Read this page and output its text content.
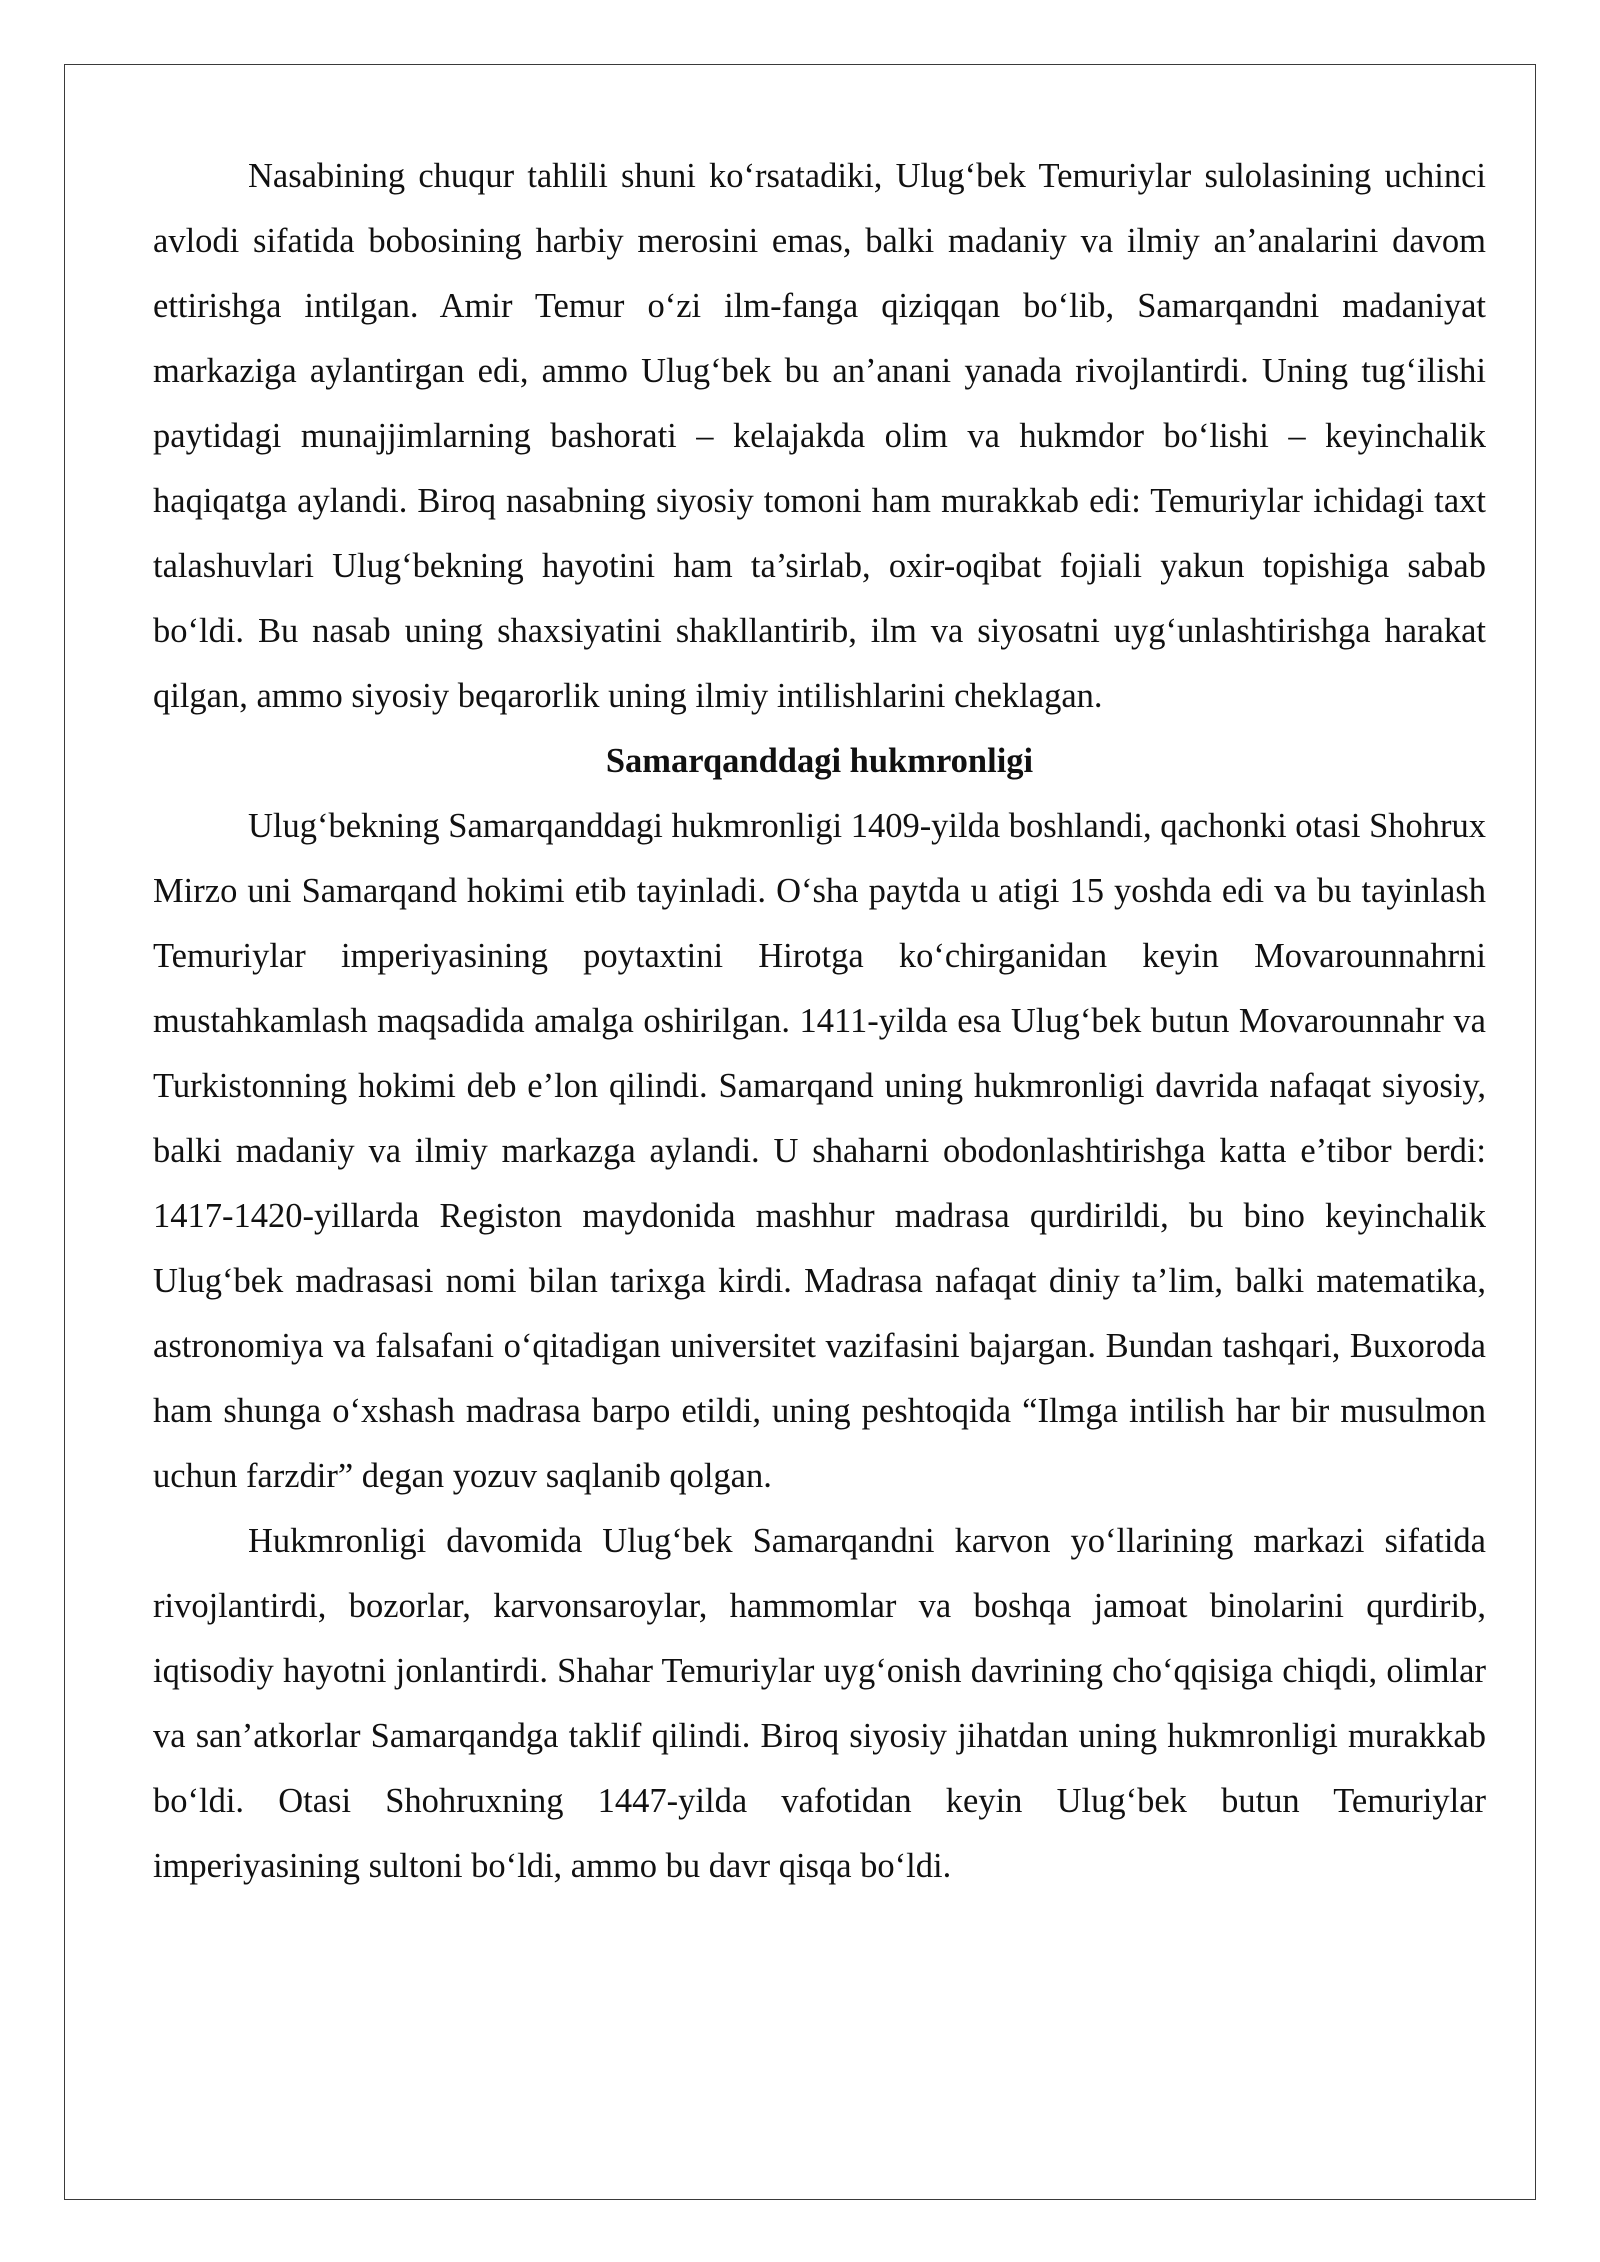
Nasabining chuqur tahlili shuni ko‘rsatadiki, Ulug‘bek Temuriylar sulolasining uchinci avlodi sifatida bobosining harbiy merosini emas, balki madaniy va ilmiy an’analarini davom ettirishga intilgan. Amir Temur o‘zi ilm-fanga qiziqqan bo‘lib, Samarqandni madaniyat markaziga aylantirgan edi, ammo Ulug‘bek bu an’anani yanada rivojlantirdi. Uning tug‘ilishi paytidagi munajjimlarning bashorati – kelajakda olim va hukmdor bo‘lishi – keyinchalik haqiqatga aylandi. Biroq nasabning siyosiy tomoni ham murakkab edi: Temuriylar ichidagi taxt talashuvlari Ulug‘bekning hayotini ham ta’sirlab, oxir-oqibat fojiali yakun topishiga sabab bo‘ldi. Bu nasab uning shaxsiyatini shakllantirib, ilm va siyosatni uyg‘unlashtirishga harakat qilgan, ammo siyosiy beqarorlik uning ilmiy intilishlarini cheklagan.

Samarqanddagi hukmronligi

Ulug‘bekning Samarqanddagi hukmronligi 1409-yilda boshlandi, qachonki otasi Shohrux Mirzo uni Samarqand hokimi etib tayinladi. O‘sha paytda u atigi 15 yoshda edi va bu tayinlash Temuriylar imperiyasining poytaxtini Hirotga ko‘chirganidan keyin Movarounnahrni mustahkamlash maqsadida amalga oshirilgan. 1411-yilda esa Ulug‘bek butun Movarounnahr va Turkistonning hokimi deb e’lon qilindi. Samarqand uning hukmronligi davrida nafaqat siyosiy, balki madaniy va ilmiy markazga aylandi. U shaharni obodonlashtirishga katta e’tibor berdi: 1417-1420-yillarda Registon maydonida mashhur madrasa qurdirildi, bu bino keyinchalik Ulug‘bek madrasasi nomi bilan tarixga kirdi. Madrasa nafaqat diniy ta’lim, balki matematika, astronomiya va falsafani o‘qitadigan universitet vazifasini bajargan. Bundan tashqari, Buxoroda ham shunga o‘xshash madrasa barpo etildi, uning peshtoqida “Ilmga intilish har bir musulmon uchun farzdir” degan yozuv saqlanib qolgan.

Hukmronligi davomida Ulug‘bek Samarqandni karvon yo‘llarining markazi sifatida rivojlantirdi, bozorlar, karvonsaroylar, hammomlar va boshqa jamoat binolarini qurdirib, iqtisodiy hayotni jonlantirdi. Shahar Temuriylar uyg‘onish davrining cho‘qqisiga chiqdi, olimlar va san’atkorlar Samarqandga taklif qilindi. Biroq siyosiy jihatdan uning hukmronligi murakkab bo‘ldi. Otasi Shohruxning 1447-yilda vafotidan keyin Ulug‘bek butun Temuriylar imperiyasining sultoni bo‘ldi, ammo bu davr qisqa bo‘ldi.
